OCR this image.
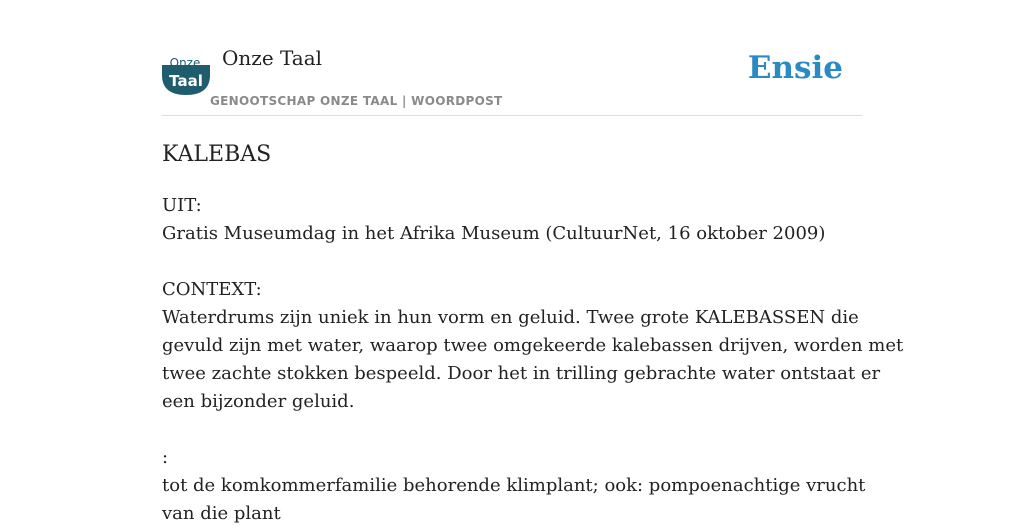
Onze
Taal
Onze Taal
GENOOTSCHAP ONZE TAAL | WOORDPOST
Ensie
KALEBAS
UIT:
Gratis Museumdag in het Afrika Museum (CultuurNet, 16 oktober 2009)
CONTEXT:
Waterdrums zijn uniek in hun vorm en geluid. Twee grote KALEBASSEN die
gevuld zijn met water, waarop twee omgekeerde kalebassen drijven, worden met
twee zachte stokken bespeeld. Door het in trilling gebrachte water ontstaat er
een bijzonder geluid.
:
tot de komkommerfamilie behorende klimplant; ook: pompoenachtige vrucht
van die plant
